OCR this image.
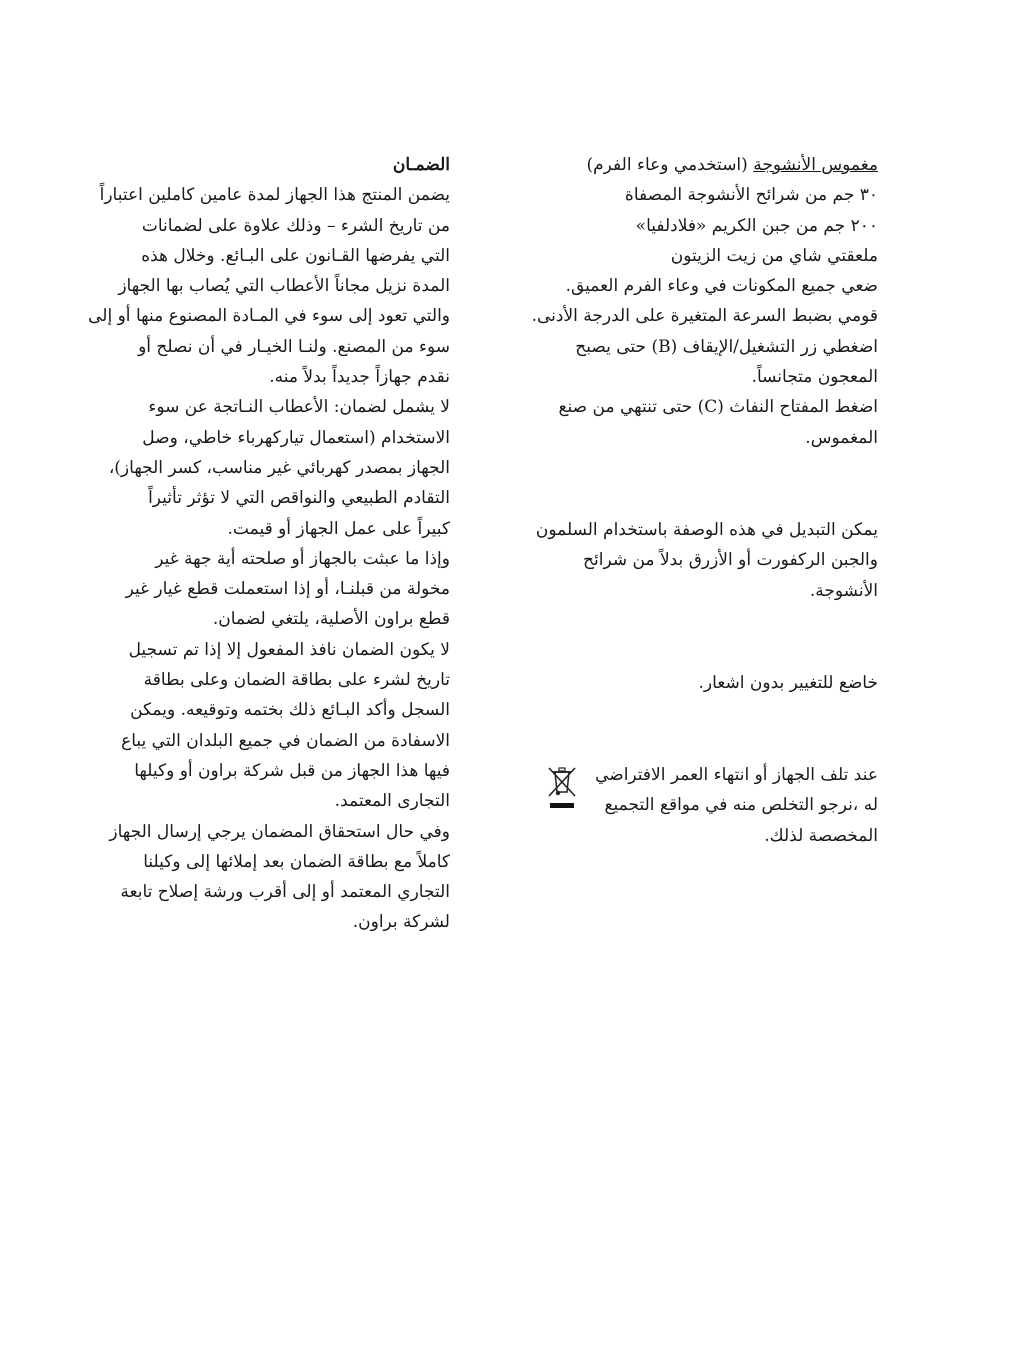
مغموس الأنشوجة (استخدمي وعاء الفرم)
٣٠ جم من شرائح الأنشوجة المصفاة
٢٠٠ جم من جبن الكريم «فلادلفيا»
ملعقتي شاي من زيت الزيتون
ضعي جميع المكونات في وعاء الفرم العميق.
قومي بضبط السرعة المتغيرة على الدرجة الأدنى.
اضغطي زر التشغيل/الإيقاف (B) حتى يصبح
المعجون متجانساً.
اضغط المفتاح النفاث (C) حتى تنتهي من صنع
المغموس.
يمكن التبديل في هذه الوصفة باستخدام السلمون
والجبن الركفورت أو الأزرق بدلاً من شرائح
الأنشوجة.
خاضع للتغيير بدون اشعار.
عند تلف الجهاز أو انتهاء العمر الافتراضي
له ،نرجو التخلص منه في مواقع التجميع
المخصصة لذلك.
الضمـان
يضمن المنتج هذا الجهاز لمدة عامين كاملين اعتباراً
من تاريخ الشرء – وذلك علاوة على لضمانات
التي يفرضها القـانون على البـائع. وخلال هذه
المدة نزيل مجاناً الأعطاب التي يُصاب بها الجهاز
والتي تعود إلى سوء في المـادة المصنوع منها أو إلى
سوء من المصنع. ولنـا الخيـار في أن نصلح أو
نقدم جهازاً جديداً بدلاً منه.
لا يشمل لضمان: الأعطاب النـاتجة عن سوء
الاستخدام (استعمال تياركهرباء خاطي، وصل
الجهاز بمصدر كهربائي غير مناسب، كسر الجهاز)،
التقادم الطبيعي والنواقص التي لا تؤثر تأثيراً
كبيراً على عمل الجهاز أو قيمت.
وإذا ما عبثت بالجهاز أو صلحته أية جهة غير
مخولة من قبلنـا، أو إذا استعملت قطع غيار غير
قطع براون الأصلية، يلتغي لضمان.
لا يكون الضمان نافذ المفعول إلا إذا تم تسجيل
تاريخ لشرء على بطاقة الضمان وعلى بطاقة
السجل وأكد البـائع ذلك بختمه وتوقيعه. ويمكن
الاسفادة من الضمان في جميع البلدان التي يباع
فيها هذا الجهاز من قبل شركة براون أو وكيلها
التجارى المعتمد.
وفي حال استحقاق المضمان يرجي إرسال الجهاز
كاملاً مع بطاقة الضمان بعد إملائها إلى وكيلنا
التجاري المعتمد أو إلى أقرب ورشة إصلاح تابعة
لشركة براون.
